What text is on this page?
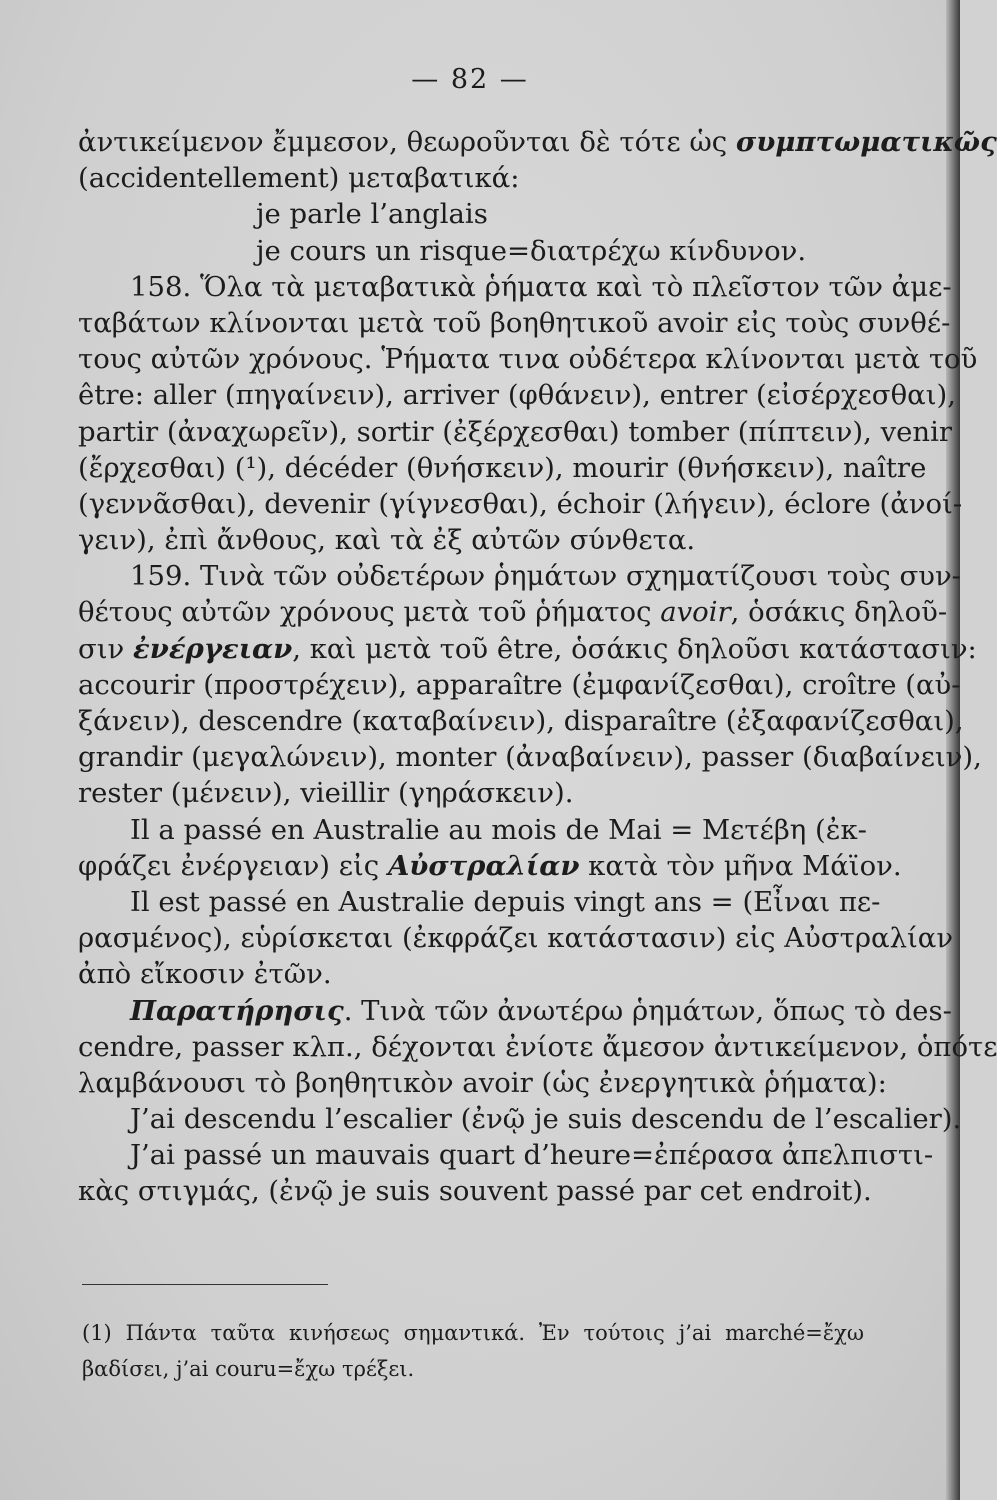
— 82 —
ἀντικείμενον ἔμμεσον, θεωροῦνται δὲ τότε ὡς συμπτωματικῶς
(accidentellement) μεταβατικά:
je parle l’anglais
je cours un risque=διατρέχω κίνδυνον.
158. Ὅλα τὰ μεταβατικὰ ῥήματα καὶ τὸ πλεῖστον τῶν ἀμε-
ταβάτων κλίνονται μετὰ τοῦ βοηθητικοῦ avoir εἰς τοὺς συνθέ-
τους αὐτῶν χρόνους. Ῥήματα τινα οὐδέτερα κλίνονται μετὰ τοῦ
être: aller (πηγαίνειν), arriver (φθάνειν), entrer (εἰσέρχεσθαι),
partir (ἀναχωρεῖν), sortir (ἐξέρχεσθαι) tomber (πίπτειν), venir
(ἔρχεσθαι) (¹), décéder (θνήσκειν), mourir (θνήσκειν), naître
(γεννᾶσθαι), devenir (γίγνεσθαι), échoir (λήγειν), éclore (ἀνοί-
γειν), ἐπὶ ἄνθους, καὶ τὰ ἐξ αὐτῶν σύνθετα.
159. Τινὰ τῶν οὐδετέρων ῥημάτων σχηματίζουσι τοὺς συν-
θέτους αὐτῶν χρόνους μετὰ τοῦ ῥήματος avoir, ὁσάκις δηλοῦ-
σιν ἐνέργειαν, καὶ μετὰ τοῦ être, ὁσάκις δηλοῦσι κατάστασιν:
accourir (προστρέχειν), apparaître (ἐμφανίζεσθαι), croître (αὐ-
ξάνειν), descendre (καταβαίνειν), disparaître (ἐξαφανίζεσθαι),
grandir (μεγαλώνειν), monter (ἀναβαίνειν), passer (διαβαίνειν),
rester (μένειν), vieillir (γηράσκειν).
Il a passé en Australie au mois de Mai = Μετέβη (ἐκ-
φράζει ἐνέργειαν) εἰς Αὐστραλίαν κατὰ τὸν μῆνα Μάϊον.
Il est passé en Australie depuis vingt ans = (Εἶναι πε-
ρασμένος), εὑρίσκεται (ἐκφράζει κατάστασιν) εἰς Αὐστραλίαν
ἀπὸ εἴκοσιν ἐτῶν.
Παρατήρησις. Τινὰ τῶν ἀνωτέρω ῥημάτων, ὅπως τὸ des-
cendre, passer κλπ., δέχονται ἐνίοτε ἄμεσον ἀντικείμενον, ὁπότε
λαμβάνουσι τὸ βοηθητικὸν avoir (ὡς ἐνεργητικὰ ῥήματα):
J’ai descendu l’escalier (ἐνῷ je suis descendu de l’escalier).
J’ai passé un mauvais quart d’heure=ἐπέρασα ἀπελπιστι-
κὰς στιγμάς, (ἐνῷ je suis souvent passé par cet endroit).
(1) Πάντα ταῦτα κινήσεως σημαντικά. Ἐν τούτοις j’ai marché=ἔχω
βαδίσει, j’ai couru=ἔχω τρέξει.
